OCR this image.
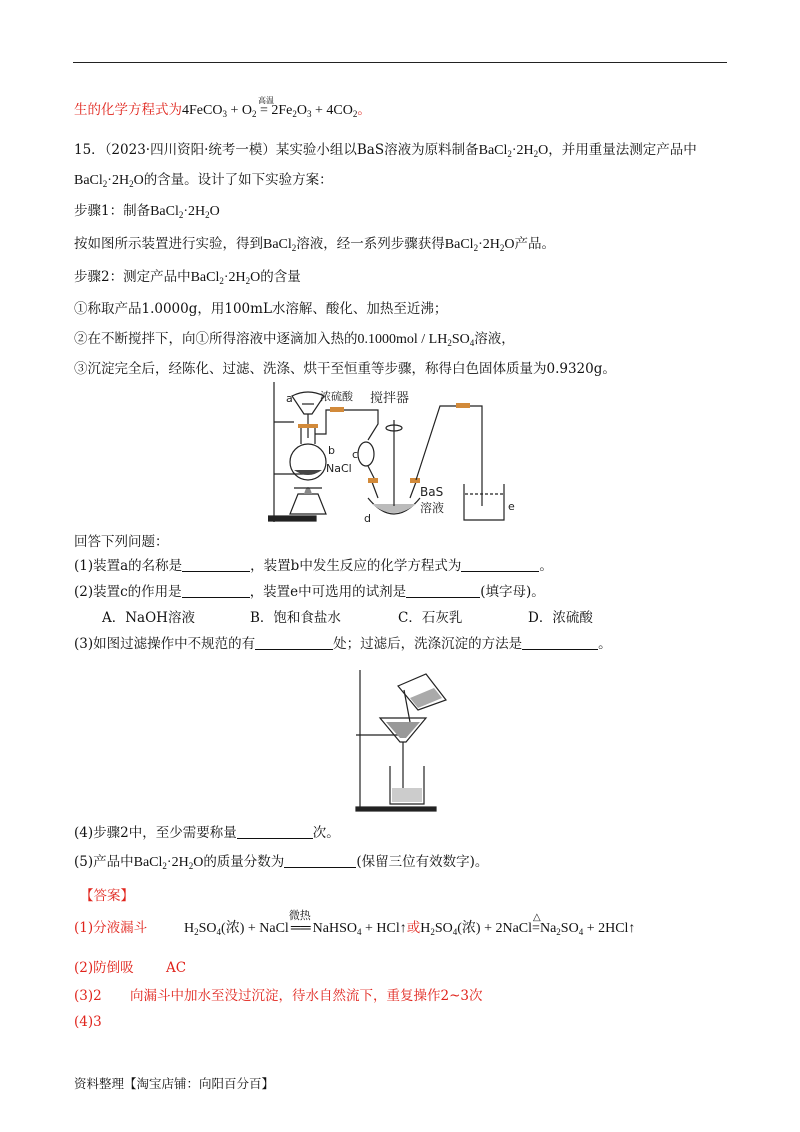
生的化学方程式为4FeCO$_3$ + $O_2$
高温
= $2Fe_2O_3 + 4CO_2$。
15．（2023·四川资阳·统考一模）某实验小组以BaS溶液为原料制备$BaCl_2\cdot 2H_2O$，并用重量法测定产品中
$BaCl_2\cdot 2H_2O$的含量。设计了如下实验方案：
步骤1：制备$BaCl_2\cdot 2H_2O$
按如图所示装置进行实验，得到BaCl$_2$溶液，经一系列步骤获得$BaCl_2\cdot 2H_2O$产品。
步骤2：测定产品中$BaCl_2\cdot 2H_2O$的含量
①称取产品1.0000g，用100mL水溶解、酸化、加热至近沸；
②在不断搅拌下，向①所得溶液中逐滴加入热的$0.1000mol / LH_2SO_4$溶液，
③沉淀完全后，经陈化、过滤、洗涤、烘干至恒重等步骤，称得白色固体质量为0.9320g。
a 浓硫酸 搅拌器
b c
NaCl
BaS
溶液
d
e
回答下列问题：
(1)装置a的名称是	，装置b中发生反应的化学方程式为	。
(2)装置c的作用是	，装置e中可选用的试剂是	(填字母)。
A．NaOH溶液	B．饱和食盐水	C．石灰乳	D．浓硫酸
(3)如图过滤操作中不规范的有	处；过滤后，洗涤沉淀的方法是	。
(4)步骤2中，至少需要称量	次。
(5)产品中$BaCl_2\cdot 2H_2O$的质量分数为	(保留三位有效数字)。
【答案】
(1)分液漏斗	$H_2SO_4$(浓) + NaCl
微热
══ NaHSO$_4$ + HCl↑或$H_2SO_4$(浓) + 2NaCl
△
$=Na_2SO_4$ + 2HCl↑
(2)防倒吸 AC
(3)2 向漏斗中加水至没过沉淀，待水自然流下，重复操作2~3次
(4)3
资料整理【淘宝店铺：向阳百分百】
